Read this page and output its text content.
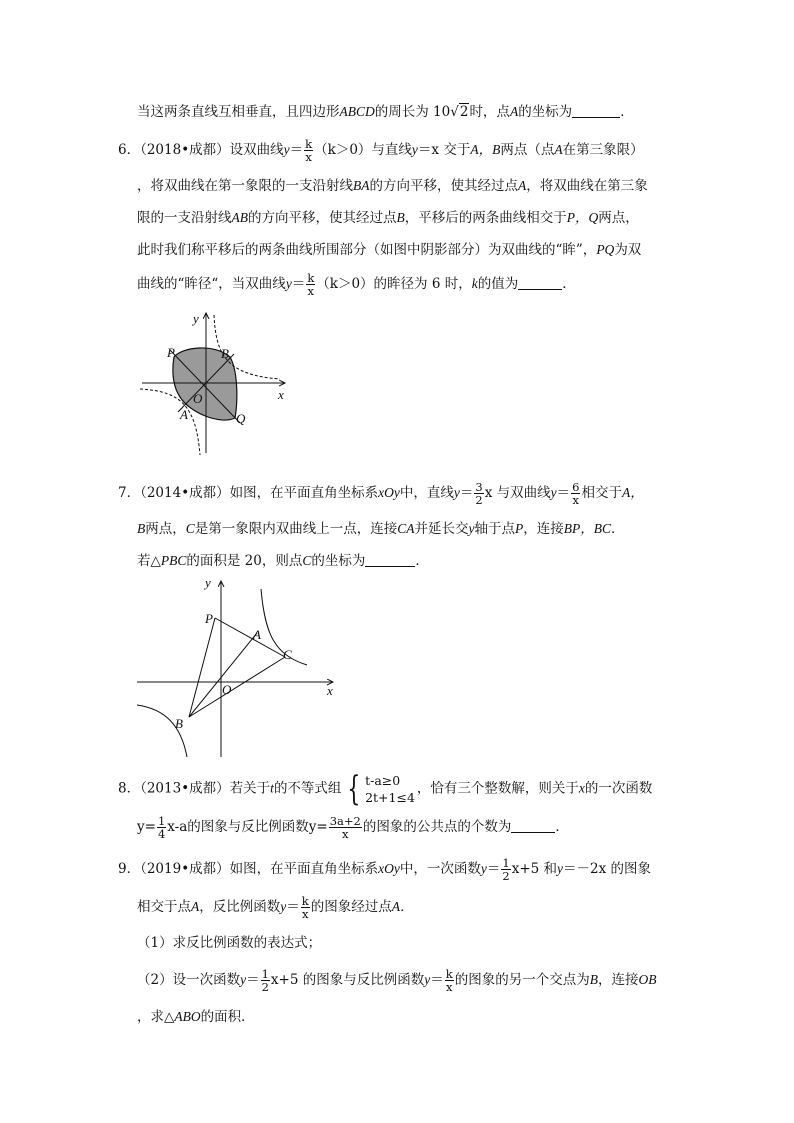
当这两条直线互相垂直，且四边形ABCD的周长为 10√2时，点A的坐标为	．
6．（2018•成都）设双曲线$y= \frac{k}{x} (k>0)$与直线y＝x 交于A，B两点（点A在第三象限）
，将双曲线在第一象限的一支沿射线BA的方向平移，使其经过点A，将双曲线在第三象
限的一支沿射线AB的方向平移，使其经过点B，平移后的两条曲线相交于P，Q两点，
此时我们称平移后的两条曲线所围部分（如图中阴影部分）为双曲线的“眸”，PQ为双
曲线的“眸径“，当双曲线$y= \frac{k}{x} (k>0)$的眸径为 6 时，k的值为	．
y
x
P	B
O
A	Q
7．（2014•成都）如图，在平面直角坐标系xOy中，直线$y= \frac{3}{2}$ x 与双曲线$y= \frac{6}{x}$ 相交于A，
B两点，C是第一象限内双曲线上一点，连接CA并延长交y轴于点P，连接BP，BC．
若△PBC的面积是 20，则点C的坐标为	．
y
x
P
A
C
O
B
8．（2013•成都）若关于t的不等式组 { t-a≥0
2t+1≤4
，恰有三个整数解，则关于x的一次函数
$y= \frac{1}{4} x-a$的图象与反比例函数$y= \frac{3a+2}{x}$ 的图象的公共点的个数为	．
9．（2019•成都）如图，在平面直角坐标系xOy中，一次函数$y= \frac{1}{2} x+5$ 和y＝－2x 的图象
相交于点A，反比例函数$y= \frac{k}{x}$ 的图象经过点A．
（1）求反比例函数的表达式；
（2）设一次函数$y= \frac{1}{2} x+5$ 的图象与反比例函数$y= \frac{k}{x}$ 的图象的另一个交点为B，连接OB
，求△ABO的面积．
